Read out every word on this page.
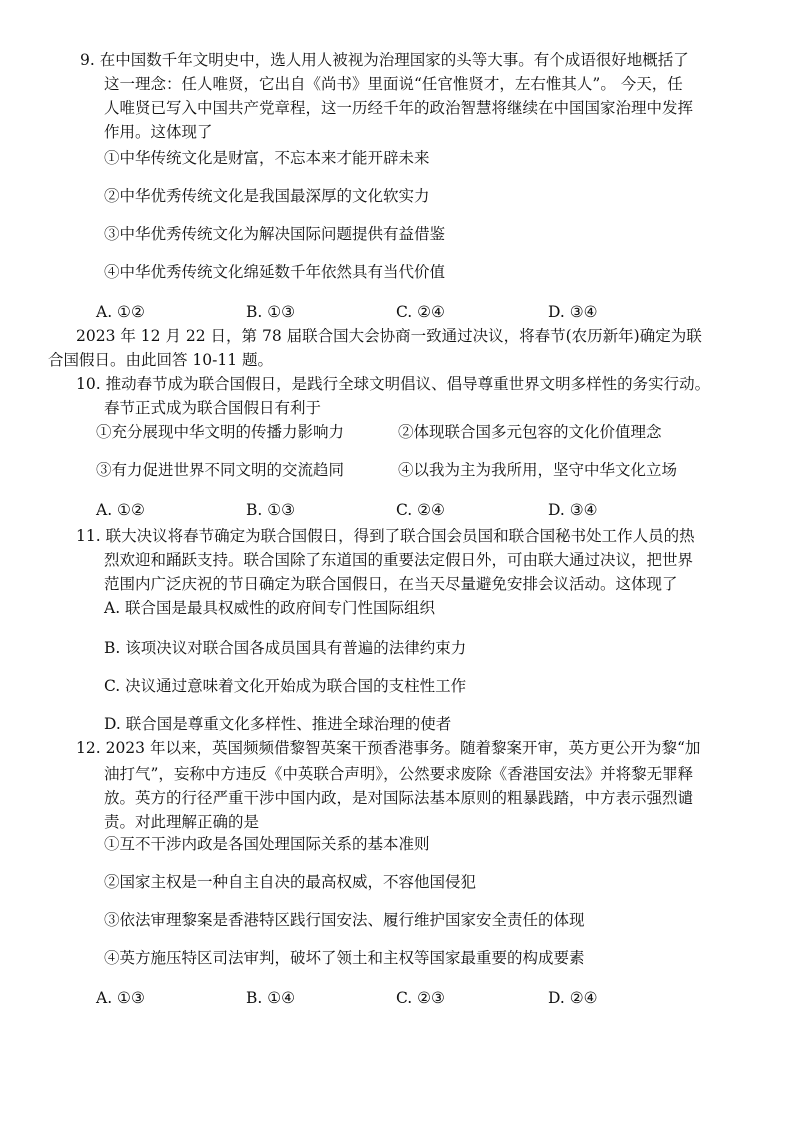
9. 在中国数千年文明史中，选人用人被视为治理国家的头等大事。有个成语很好地概括了
这一理念：任人唯贤，它出自《尚书》里面说“任官惟贤才，左右惟其人”。 今天，任
人唯贤已写入中国共产党章程，这一历经千年的政治智慧将继续在中国国家治理中发挥
作用。这体现了
①中华传统文化是财富，不忘本来才能开辟未来
②中华优秀传统文化是我国最深厚的文化软实力
③中华优秀传统文化为解决国际问题提供有益借鉴
④中华优秀传统文化绵延数千年依然具有当代价值
A. ①②	B. ①③	C. ②④	D. ③④
2023 年 12 月 22 日，第 78 届联合国大会协商一致通过决议，将春节(农历新年)确定为联
合国假日。由此回答 10-11 题。
10. 推动春节成为联合国假日，是践行全球文明倡议、倡导尊重世界文明多样性的务实行动。
春节正式成为联合国假日有利于
①充分展现中华文明的传播力影响力	②体现联合国多元包容的文化价值理念
③有力促进世界不同文明的交流趋同	④以我为主为我所用，坚守中华文化立场
A. ①②	B. ①③	C. ②④	D. ③④
11. 联大决议将春节确定为联合国假日，得到了联合国会员国和联合国秘书处工作人员的热
烈欢迎和踊跃支持。联合国除了东道国的重要法定假日外，可由联大通过决议，把世界
范围内广泛庆祝的节日确定为联合国假日，在当天尽量避免安排会议活动。这体现了
A. 联合国是最具权威性的政府间专门性国际组织
B. 该项决议对联合国各成员国具有普遍的法律约束力
C. 决议通过意味着文化开始成为联合国的支柱性工作
D. 联合国是尊重文化多样性、推进全球治理的使者
12. 2023 年以来，英国频频借黎智英案干预香港事务。随着黎案开审，英方更公开为黎“加
油打气”，妄称中方违反《中英联合声明》，公然要求废除《香港国安法》并将黎无罪释
放。英方的行径严重干涉中国内政，是对国际法基本原则的粗暴践踏，中方表示强烈谴
责。对此理解正确的是
①互不干涉内政是各国处理国际关系的基本准则
②国家主权是一种自主自决的最高权威，不容他国侵犯
③依法审理黎案是香港特区践行国安法、履行维护国家安全责任的体现
④英方施压特区司法审判，破坏了领土和主权等国家最重要的构成要素
A. ①③	B. ①④	C. ②③	D. ②④
